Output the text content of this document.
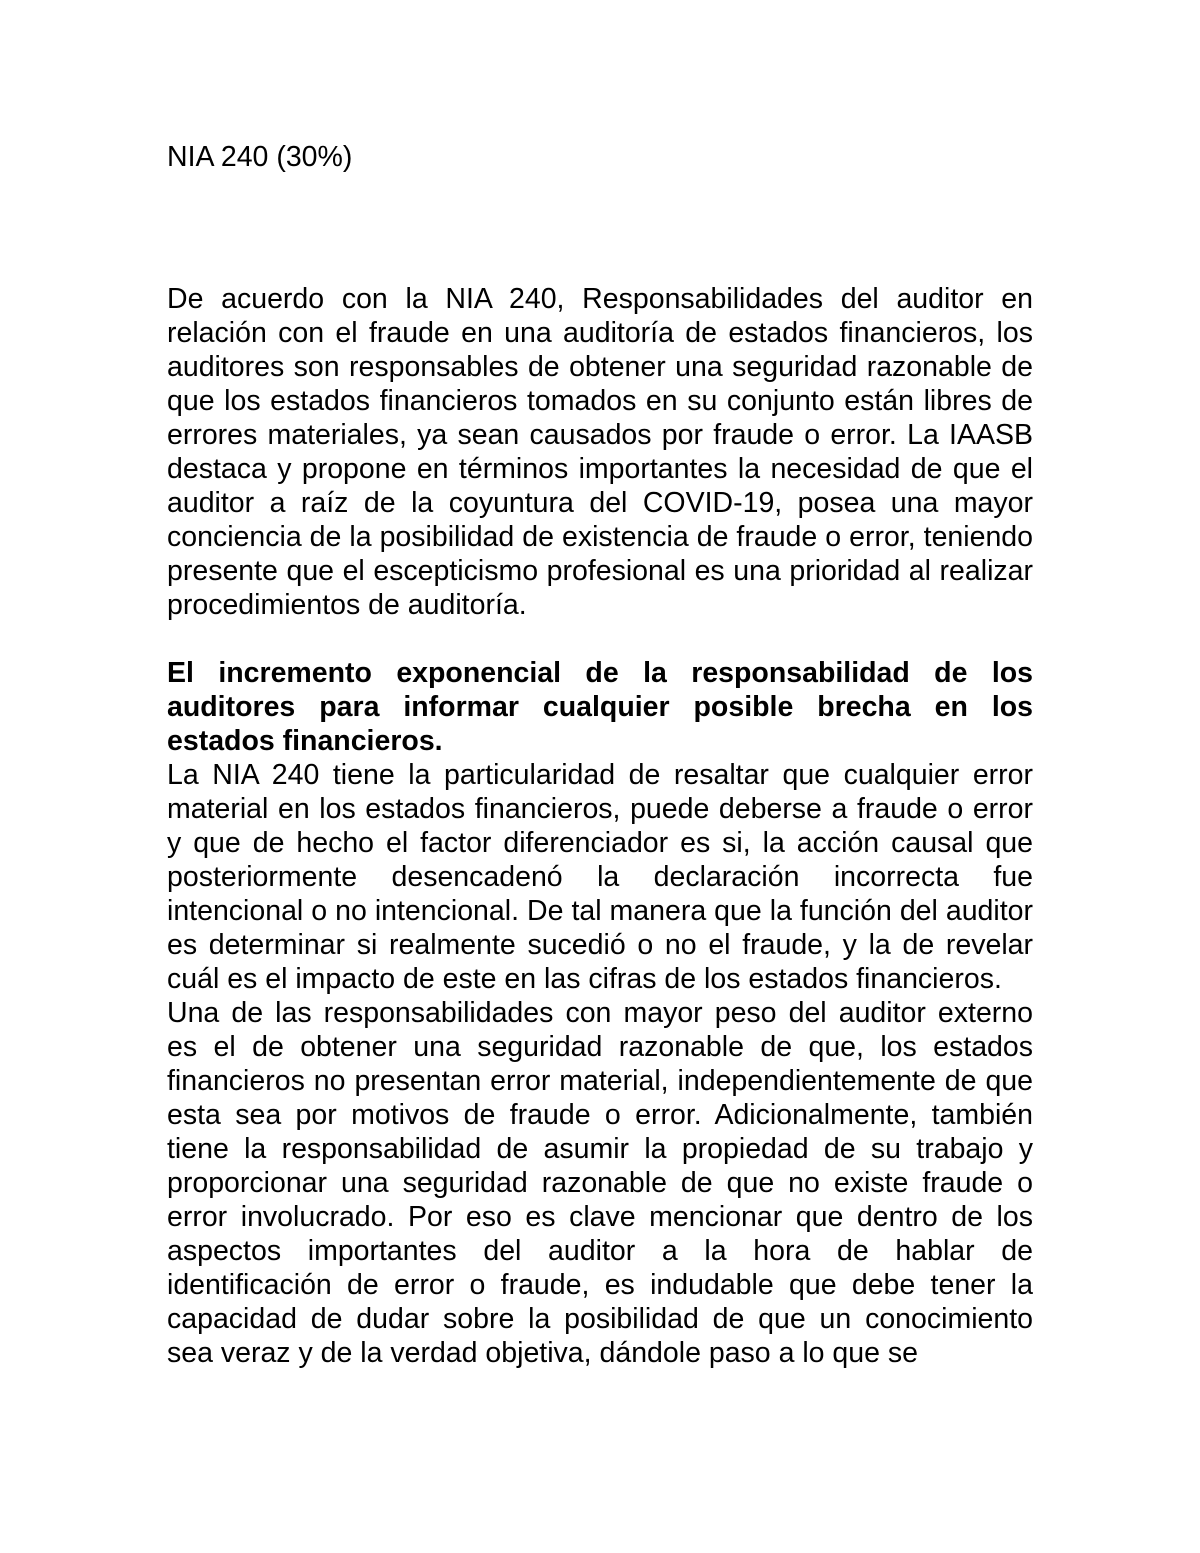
NIA 240 (30%)

De acuerdo con la NIA 240, Responsabilidades del auditor en relación con el fraude en una auditoría de estados financieros, los auditores son responsables de obtener una seguridad razonable de que los estados financieros tomados en su conjunto están libres de errores materiales, ya sean causados por fraude o error. La IAASB destaca y propone en términos importantes la necesidad de que el auditor a raíz de la coyuntura del COVID-19, posea una mayor conciencia de la posibilidad de existencia de fraude o error, teniendo presente que el escepticismo profesional es una prioridad al realizar procedimientos de auditoría.

El incremento exponencial de la responsabilidad de los auditores para informar cualquier posible brecha en los estados financieros.

La NIA 240 tiene la particularidad de resaltar que cualquier error material en los estados financieros, puede deberse a fraude o error y que de hecho el factor diferenciador es si, la acción causal que posteriormente desencadenó la declaración incorrecta fue intencional o no intencional. De tal manera que la función del auditor es determinar si realmente sucedió o no el fraude, y la de revelar cuál es el impacto de este en las cifras de los estados financieros.

Una de las responsabilidades con mayor peso del auditor externo es el de obtener una seguridad razonable de que, los estados financieros no presentan error material, independientemente de que esta sea por motivos de fraude o error. Adicionalmente, también tiene la responsabilidad de asumir la propiedad de su trabajo y proporcionar una seguridad razonable de que no existe fraude o error involucrado. Por eso es clave mencionar que dentro de los aspectos importantes del auditor a la hora de hablar de identificación de error o fraude, es indudable que debe tener la capacidad de dudar sobre la posibilidad de que un conocimiento sea veraz y de la verdad objetiva, dándole paso a lo que se
